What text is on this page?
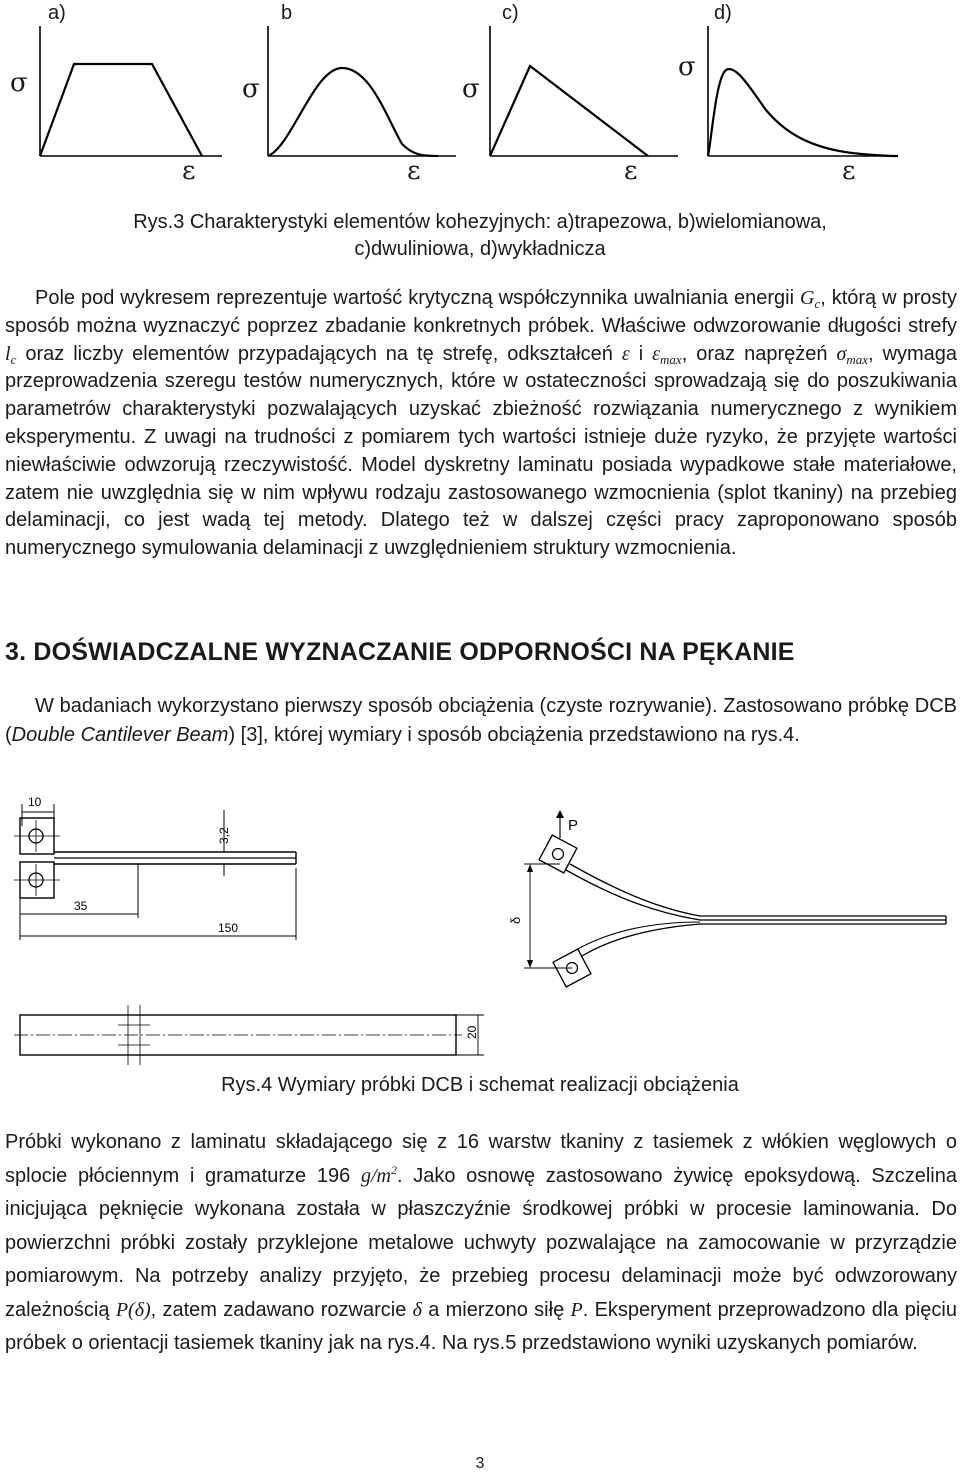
a)
σ
ε
b
σ
ε
c)
σ
ε
d)
σ
ε
Rys.3 Charakterystyki elementów kohezyjnych: a)trapezowa, b)wielomianowa,
c)dwuliniowa, d)wykładnicza
Pole pod wykresem reprezentuje wartość krytyczną współczynnika uwalniania energii $G_c$, którą w prosty sposób można wyznaczyć poprzez zbadanie konkretnych próbek. Właściwe odwzorowanie długości strefy $l_c$ oraz liczby elementów przypadających na tę strefę, odkształceń ε i $\varepsilon_{max}$, oraz naprężeń $\sigma_{max}$, wymaga przeprowadzenia szeregu testów numerycznych, które w ostateczności sprowadzają się do poszukiwania parametrów charakterystyki pozwalających uzyskać zbieżność rozwiązania numerycznego z wynikiem eksperymentu. Z uwagi na trudności z pomiarem tych wartości istnieje duże ryzyko, że przyjęte wartości niewłaściwie odwzorują rzeczywistość. Model dyskretny laminatu posiada wypadkowe stałe materiałowe, zatem nie uwzględnia się w nim wpływu rodzaju zastosowanego wzmocnienia (splot tkaniny) na przebieg delaminacji, co jest wadą tej metody. Dlatego też w dalszej części pracy zaproponowano sposób numerycznego symulowania delaminacji z uwzględnieniem struktury wzmocnienia.
3. DOŚWIADCZALNE WYZNACZANIE ODPORNOŚCI NA PĘKANIE
W badaniach wykorzystano pierwszy sposób obciążenia (czyste rozrywanie). Zastosowano próbkę DCB (Double Cantilever Beam) [3], której wymiary i sposób obciążenia przedstawiono na rys.4.
10
3,2
35
150
P
δ
20
Rys.4 Wymiary próbki DCB i schemat realizacji obciążenia
Próbki wykonano z laminatu składającego się z 16 warstw tkaniny z tasiemek z włókien węglowych o splocie płóciennym i gramaturze 196 $g/m^2$. Jako osnowę zastosowano żywicę epoksydową. Szczelina inicjująca pęknięcie wykonana została w płaszczyźnie środkowej próbki w procesie laminowania. Do powierzchni próbki zostały przyklejone metalowe uchwyty pozwalające na zamocowanie w przyrządzie pomiarowym. Na potrzeby analizy przyjęto, że przebieg procesu delaminacji może być odwzorowany zależnością P(δ), zatem zadawano rozwarcie δ a mierzono siłę P. Eksperyment przeprowadzono dla pięciu próbek o orientacji tasiemek tkaniny jak na rys.4. Na rys.5 przedstawiono wyniki uzyskanych pomiarów.
3
